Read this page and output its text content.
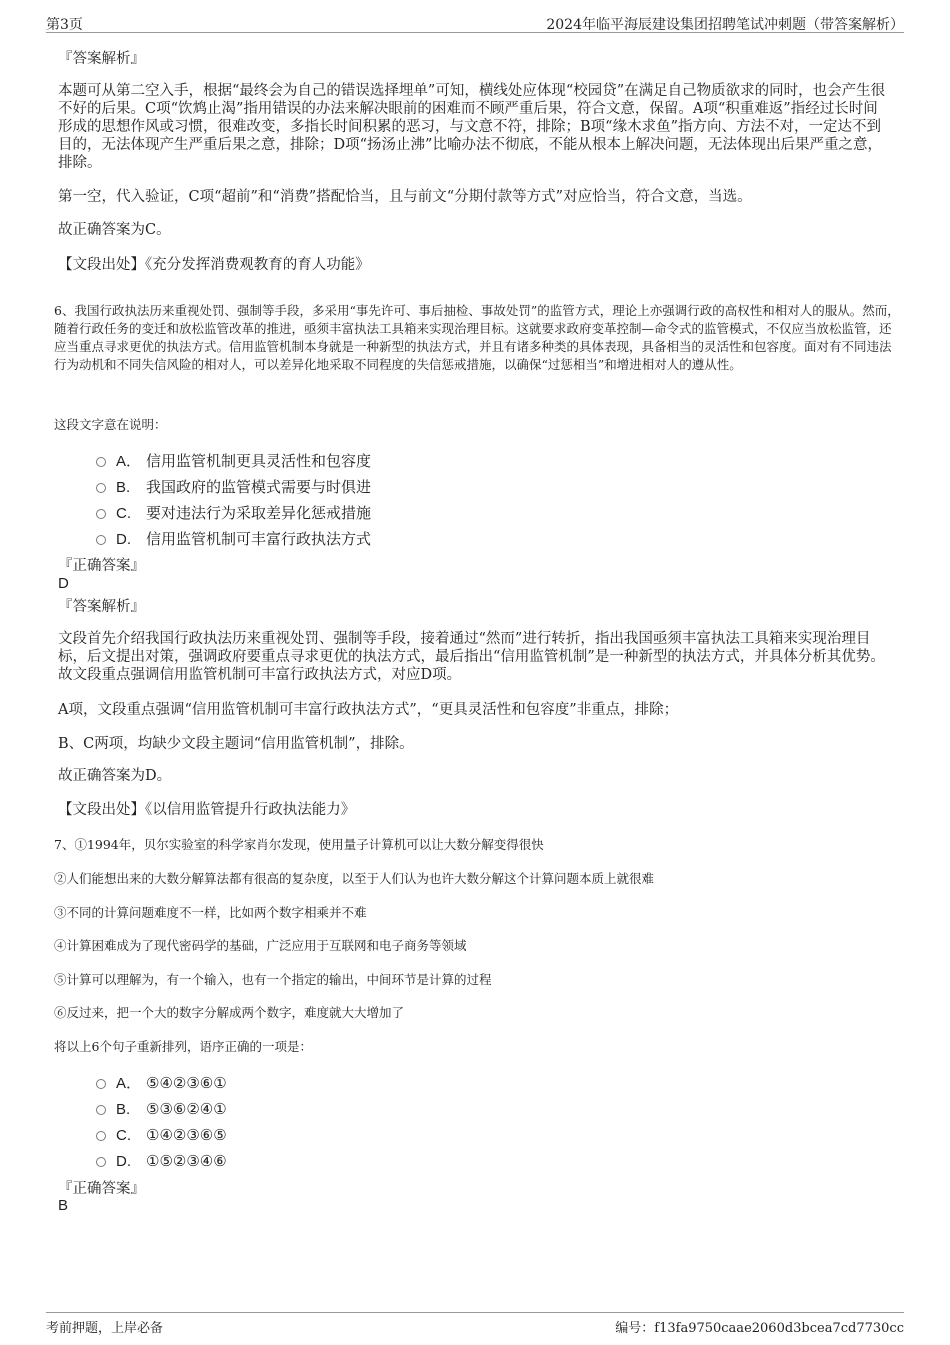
第3页	2024年临平海辰建设集团招聘笔试冲刺题（带答案解析）
『答案解析』
本题可从第二空入手，根据“最终会为自己的错误选择埋单”可知，横线处应体现“校园贷”在满足自己物质欲求的同时，也会产生很不好的后果。C项“饮鸩止渴”指用错误的办法来解决眼前的困难而不顾严重后果，符合文意，保留。A项“积重难返”指经过长时间形成的思想作风或习惯，很难改变，多指长时间积累的恶习，与文意不符，排除；B项“缘木求鱼”指方向、方法不对，一定达不到目的，无法体现产生严重后果之意，排除；D项“扬汤止沸”比喻办法不彻底，不能从根本上解决问题，无法体现出后果严重之意，排除。
第一空，代入验证，C项“超前”和“消费”搭配恰当，且与前文“分期付款等方式”对应恰当，符合文意，当选。
故正确答案为C。
【文段出处】《充分发挥消费观教育的育人功能》
6、我国行政执法历来重视处罚、强制等手段，多采用“事先许可、事后抽检、事故处罚”的监管方式，理论上亦强调行政的高权性和相对人的服从。然而，随着行政任务的变迁和放松监管改革的推进，亟须丰富执法工具箱来实现治理目标。这就要求政府变革控制—命令式的监管模式，不仅应当放松监管，还应当重点寻求更优的执法方式。信用监管机制本身就是一种新型的执法方式，并且有诸多种类的具体表现，具备相当的灵活性和包容度。面对有不同违法行为动机和不同失信风险的相对人，可以差异化地采取不同程度的失信惩戒措施，以确保“过惩相当”和增进相对人的遵从性。
这段文字意在说明：
A． 信用监管机制更具灵活性和包容度
B. 我国政府的监管模式需要与时俱进
C. 要对违法行为采取差异化惩戒措施
D. 信用监管机制可丰富行政执法方式
『正确答案』
D
『答案解析』
文段首先介绍我国行政执法历来重视处罚、强制等手段，接着通过“然而”进行转折，指出我国亟须丰富执法工具箱来实现治理目标，后文提出对策，强调政府要重点寻求更优的执法方式，最后指出“信用监管机制”是一种新型的执法方式，并具体分析其优势。故文段重点强调信用监管机制可丰富行政执法方式，对应D项。
A项，文段重点强调“信用监管机制可丰富行政执法方式”，“更具灵活性和包容度”非重点，排除；
B、C两项，均缺少文段主题词“信用监管机制”，排除。
故正确答案为D。
【文段出处】《以信用监管提升行政执法能力》
7、①1994年，贝尔实验室的科学家肖尔发现，使用量子计算机可以让大数分解变得很快
②人们能想出来的大数分解算法都有很高的复杂度，以至于人们认为也许大数分解这个计算问题本质上就很难
③不同的计算问题难度不一样，比如两个数字相乘并不难
④计算困难成为了现代密码学的基础，广泛应用于互联网和电子商务等领域
⑤计算可以理解为，有一个输入，也有一个指定的输出，中间环节是计算的过程
⑥反过来，把一个大的数字分解成两个数字，难度就大大增加了
将以上6个句子重新排列，语序正确的一项是：
A． ⑤④②③⑥①
B. ⑤③⑥②④①
C. ①④②③⑥⑤
D. ①⑤②③④⑥
『正确答案』
B
考前押题，上岸必备	编号：f13fa9750caae2060d3bcea7cd7730cc
